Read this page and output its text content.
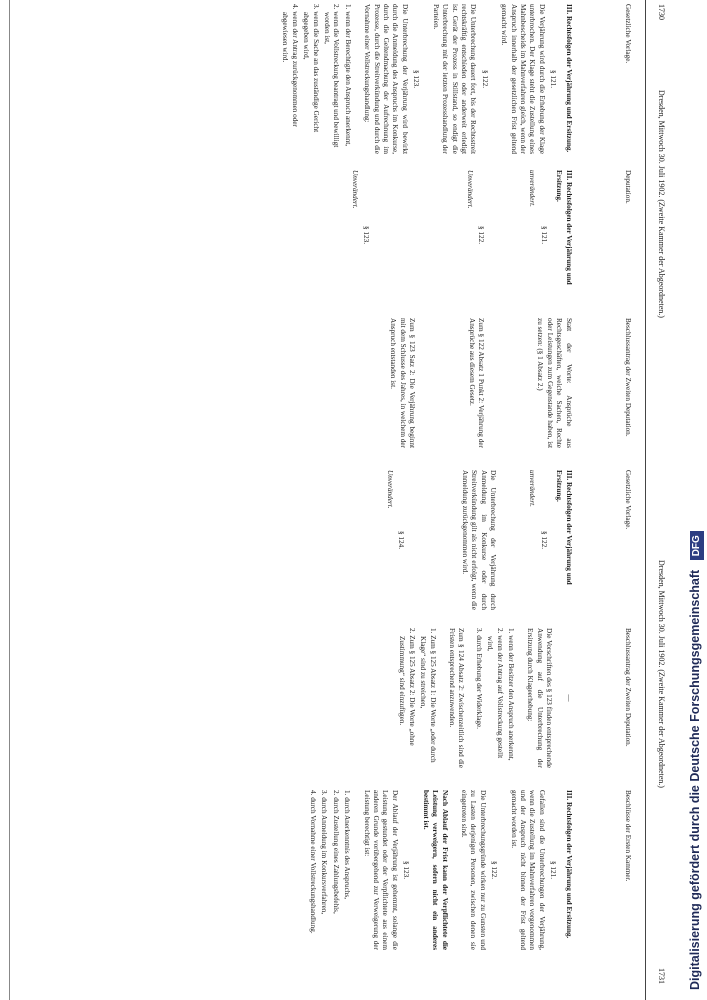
1730
Dresden, Mittwoch 30. Juli 1902. (Zweite Kammer der Abgeordneten.)
Dresden, Mittwoch 30. Juli 1902. (Zweite Kammer der Abgeordneten.)
1731
Gesetzliche Vorlage.
III. Rechtsfolgen der Verjährung und Ersitzung.
§ 121.
Die Verjährung wird durch die Erhebung der Klage unterbrochen. Der Klage steht die Zustellung eines Mahnbescheids im Mahnverfahren gleich, wenn der Anspruch innerhalb der gesetzlichen Frist geltend gemacht wird.
§ 122.
Die Unterbrechung dauert fort, bis der Rechtsstreit rechtskräftig entschieden oder anderweit erledigt ist. Gerät der Prozess in Stillstand, so endigt die Unterbrechung mit der letzten Prozesshandlung der Parteien.
§ 123.
Die Unterbrechung der Verjährung wird bewirkt durch die Anmeldung des Anspruchs im Konkurse, durch die Geltendmachung der Aufrechnung im Prozesse, durch die Streitverkündung und durch die Vornahme einer Vollstreckungshandlung:
1. wenn der Berechtigte den Anspruch anerkennt,
2. wenn die Vollstreckung beantragt und bewilligt worden ist,
3. wenn die Sache an das zuständige Gericht abgegeben wird,
4. wenn der Antrag zurückgenommen oder abgewiesen wird.
Deputation.
III. Rechtsfolgen der Verjährung und Ersitzung.
§ 121.
unverändert.
§ 122.
Unverändert.
§ 123.
Unverändert.
Beschlussantrag der Zweiten Deputation.
Statt der Worte: Ansprüche aus Rechtsgeschäften, welche Sachen, Rechte oder Leistungen zum Gegenstande haben, ist zu setzen: (§ 1 Absatz 2.)
Zum § 122 Absatz 1 Punkt 2: Verjährung der Ansprüche aus diesem Gesetz.
Zum § 123 Satz 2: Die Verjährung beginnt mit dem Schlusse des Jahres, in welchem der Anspruch entstanden ist.
Gesetzliche Vorlage.
III. Rechtsfolgen der Verjährung und Ersitzung.
§ 122.
unverändert.
Die Unterbrechung der Verjährung durch Anmeldung im Konkurse oder durch Streitverkündung gilt als nicht erfolgt, wenn die Anmeldung zurückgenommen wird.
§ 124.
Unverändert.
Beschlussantrag der Zweiten Deputation.
—
Die Vorschriften des § 123 finden entsprechende Anwendung auf die Unterbrechung der Ersitzung durch Klageerhebung:
1. wenn der Besitzer den Anspruch anerkennt,
2. wenn der Antrag auf Vollstreckung gestellt wird,
3. durch Erhebung der Widerklage.
Zum § 124 Absatz 2: Zwischenzeitlich sind die Fristen entsprechend anzuwenden.
1. Zum § 125 Absatz 1: Die Worte „oder durch Klage“ sind zu streichen,
2. Zum § 125 Absatz 2: Die Worte „ohne Zustimmung“ sind einzufügen.
Beschlüsse der Ersten Kammer.
III. Rechtsfolgen der Verjährung und Ersitzung.
§ 121.
Gefallen sind die Unterbrechungen der Verjährung, wenn die Zustellung im Mahnverfahren vorgenommen und der Anspruch nicht binnen der Frist geltend gemacht worden ist.
§ 122.
Die Unterbrechungsgründe wirken nur zu Gunsten und zu Lasten derjenigen Personen, zwischen denen sie eingetreten sind.
Nach Ablauf der Frist kann der Verpflichtete die Leistung verweigern, sofern nicht ein anderes bestimmt ist.
§ 123.
Der Ablauf der Verjährung ist gehemmt, solange die Leistung gestundet oder der Verpflichtete aus einem anderen Grunde vorübergehend zur Verweigerung der Leistung berechtigt ist:
1. durch Anerkenntnis des Anspruchs,
2. durch Zustellung eines Zahlungsbefehls,
3. durch Anmeldung im Konkursverfahren,
4. durch Vornahme einer Vollstreckungshandlung.	Digitalisierung gefördert durch die Deutsche Forschungsgemeinschaft DFG
